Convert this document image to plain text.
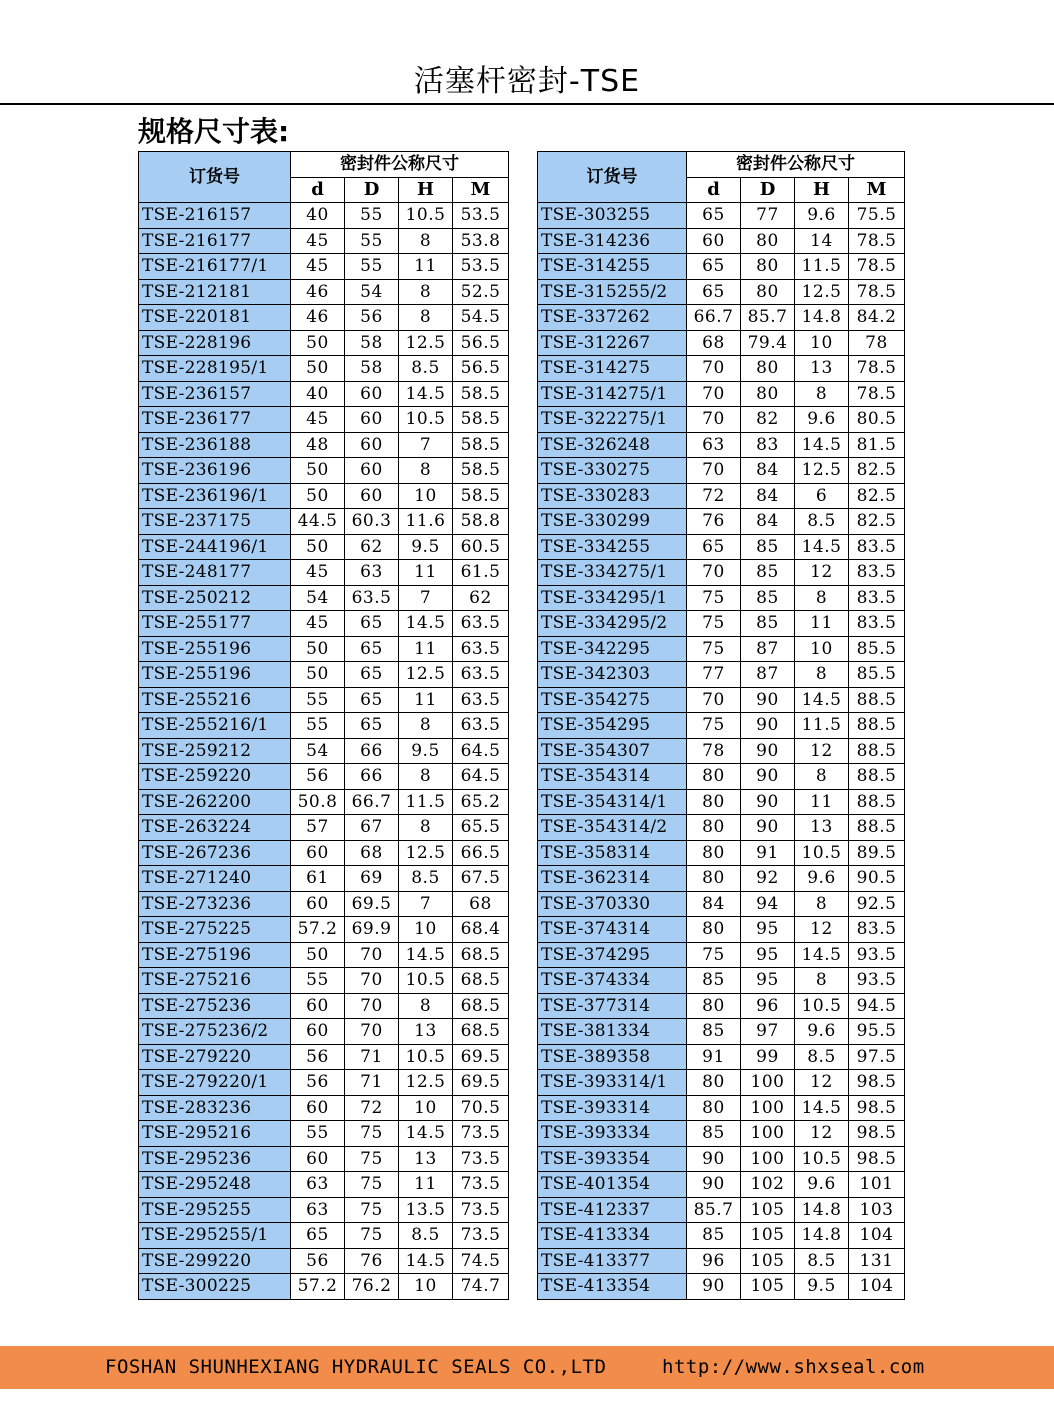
活塞杆密封-TSE
规格尺寸表:
订货号	密封件公称尺寸			
	d	D	H	M
TSE-216157	40	55	10.5	53.5
TSE-216177	45	55	8	53.8
TSE-216177/1	45	55	11	53.5
TSE-212181	46	54	8	52.5
TSE-220181	46	56	8	54.5
TSE-228196	50	58	12.5	56.5
TSE-228195/1	50	58	8.5	56.5
TSE-236157	40	60	14.5	58.5
TSE-236177	45	60	10.5	58.5
TSE-236188	48	60	7	58.5
TSE-236196	50	60	8	58.5
TSE-236196/1	50	60	10	58.5
TSE-237175	44.5	60.3	11.6	58.8
TSE-244196/1	50	62	9.5	60.5
TSE-248177	45	63	11	61.5
TSE-250212	54	63.5	7	62
TSE-255177	45	65	14.5	63.5
TSE-255196	50	65	11	63.5
TSE-255196	50	65	12.5	63.5
TSE-255216	55	65	11	63.5
TSE-255216/1	55	65	8	63.5
TSE-259212	54	66	9.5	64.5
TSE-259220	56	66	8	64.5
TSE-262200	50.8	66.7	11.5	65.2
TSE-263224	57	67	8	65.5
TSE-267236	60	68	12.5	66.5
TSE-271240	61	69	8.5	67.5
TSE-273236	60	69.5	7	68
TSE-275225	57.2	69.9	10	68.4
TSE-275196	50	70	14.5	68.5
TSE-275216	55	70	10.5	68.5
TSE-275236	60	70	8	68.5
TSE-275236/2	60	70	13	68.5
TSE-279220	56	71	10.5	69.5
TSE-279220/1	56	71	12.5	69.5
TSE-283236	60	72	10	70.5
TSE-295216	55	75	14.5	73.5
TSE-295236	60	75	13	73.5
TSE-295248	63	75	11	73.5
TSE-295255	63	75	13.5	73.5
TSE-295255/1	65	75	8.5	73.5
TSE-299220	56	76	14.5	74.5
TSE-300225	57.2	76.2	10	74.7
订货号	密封件公称尺寸			
	d	D	H	M
TSE-303255	65	77	9.6	75.5
TSE-314236	60	80	14	78.5
TSE-314255	65	80	11.5	78.5
TSE-315255/2	65	80	12.5	78.5
TSE-337262	66.7	85.7	14.8	84.2
TSE-312267	68	79.4	10	78
TSE-314275	70	80	13	78.5
TSE-314275/1	70	80	8	78.5
TSE-322275/1	70	82	9.6	80.5
TSE-326248	63	83	14.5	81.5
TSE-330275	70	84	12.5	82.5
TSE-330283	72	84	6	82.5
TSE-330299	76	84	8.5	82.5
TSE-334255	65	85	14.5	83.5
TSE-334275/1	70	85	12	83.5
TSE-334295/1	75	85	8	83.5
TSE-334295/2	75	85	11	83.5
TSE-342295	75	87	10	85.5
TSE-342303	77	87	8	85.5
TSE-354275	70	90	14.5	88.5
TSE-354295	75	90	11.5	88.5
TSE-354307	78	90	12	88.5
TSE-354314	80	90	8	88.5
TSE-354314/1	80	90	11	88.5
TSE-354314/2	80	90	13	88.5
TSE-358314	80	91	10.5	89.5
TSE-362314	80	92	9.6	90.5
TSE-370330	84	94	8	92.5
TSE-374314	80	95	12	83.5
TSE-374295	75	95	14.5	93.5
TSE-374334	85	95	8	93.5
TSE-377314	80	96	10.5	94.5
TSE-381334	85	97	9.6	95.5
TSE-389358	91	99	8.5	97.5
TSE-393314/1	80	100	12	98.5
TSE-393314	80	100	14.5	98.5
TSE-393334	85	100	12	98.5
TSE-393354	90	100	10.5	98.5
TSE-401354	90	102	9.6	101
TSE-412337	85.7	105	14.8	103
TSE-413334	85	105	14.8	104
TSE-413377	96	105	8.5	131
TSE-413354	90	105	9.5	104
FOSHAN SHUNHEXIANG HYDRAULIC SEALS CO.,LTD	http://www.shxseal.com
